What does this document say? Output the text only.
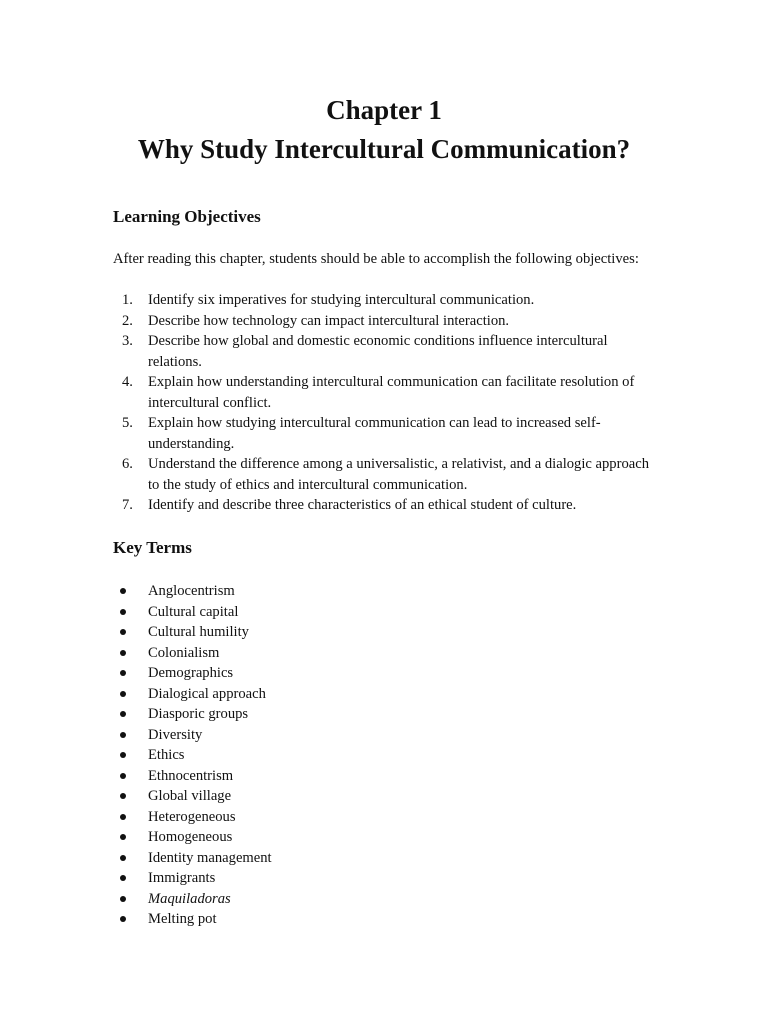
Chapter 1
Why Study Intercultural Communication?
Learning Objectives

After reading this chapter, students should be able to accomplish the following objectives:

1. Identify six imperatives for studying intercultural communication.
2. Describe how technology can impact intercultural interaction.
3. Describe how global and domestic economic conditions influence intercultural relations.
4. Explain how understanding intercultural communication can facilitate resolution of intercultural conflict.
5. Explain how studying intercultural communication can lead to increased self-understanding.
6. Understand the difference among a universalistic, a relativist, and a dialogic approach to the study of ethics and intercultural communication.
7. Identify and describe three characteristics of an ethical student of culture.
Key Terms
Anglocentrism
Cultural capital
Cultural humility
Colonialism
Demographics
Dialogical approach
Diasporic groups
Diversity
Ethics
Ethnocentrism
Global village
Heterogeneous
Homogeneous
Identity management
Immigrants
Maquiladoras
Melting pot
